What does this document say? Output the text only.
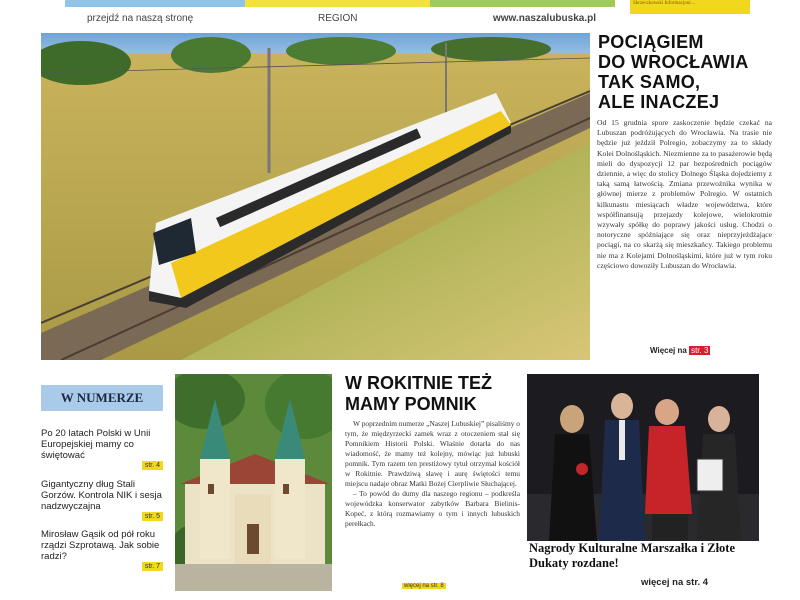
Skrzeczkowski Informacjoni…
przejdź na naszą stronę	REGION	www.naszalubuska.pl
POCIĄGIEM
DO WROCŁAWIA
TAK SAMO,
ALE INACZEJ
Od 15 grudnia spore zaskoczenie będzie czekać na Lubuszan podróżujących do Wrocławia. Na trasie nie będzie już jeździł Polregio, zobaczymy za to składy Kolei Dolnośląskich. Niezmienne za to pasażerowie będą mieli do dyspozycji 12 par bezpośrednich pociągów dziennie, a więc do stolicy Dolnego Śląska dojedziemy z taką samą łatwością. Zmiana przewoźnika wynika w głównej mierze z problemów Polregio. W ostatnich kilkunastu miesiącach władze województwa, które współfinansują przejazdy kolejowe, wielokrotnie wzywały spółkę do poprawy jakości usług. Chodzi o notoryczne spóźniające się oraz nieprzyjeżdżające pociągi, na co skarżą się mieszkańcy. Takiego problemu nie ma z Kolejami Dolnośląskimi, które już w tym roku częściowo dowoziły Lubuszan do Wrocławia.
Więcej na str. 3
W NUMERZE
Po 20 latach Polski w Unii Europejskiej mamy co świętować
str. 4
Gigantyczny dług Stali Gorzów. Kontrola NIK i sesja nadzwyczajna
str. 5
Mirosław Gąsik od pół roku rządzi Szprotawą. Jak sobie radzi?
str. 7
W ROKITNIE TEŻ
MAMY POMNIK

W poprzednim numerze „Naszej Lubuskiej” pisaliśmy o tym, że międzyrzecki zamek wraz z otoczeniem stał się Pomnikiem Historii Polski. Właśnie dotarła do nas wiadomość, że mamy też kolejny, mówiąc już lubuski pomnik. Tym razem ten prestiżowy tytuł otrzymał kościół w Rokitnie. Prawdziwą sławę i aurę świętości temu miejscu nadaje obraz Matki Bożej Cierpliwie Słuchającej.

– To powód do dumy dla naszego regionu – podkreśla wojewódzka konserwator zabytków Barbara Bielinis-Kopeć, z którą rozmawiamy o tym i innych lubuskich perełkach.

więcej na str. 8
Nagrody Kulturalne Marszałka i Złote Dukaty rozdane!
więcej na str. 4
